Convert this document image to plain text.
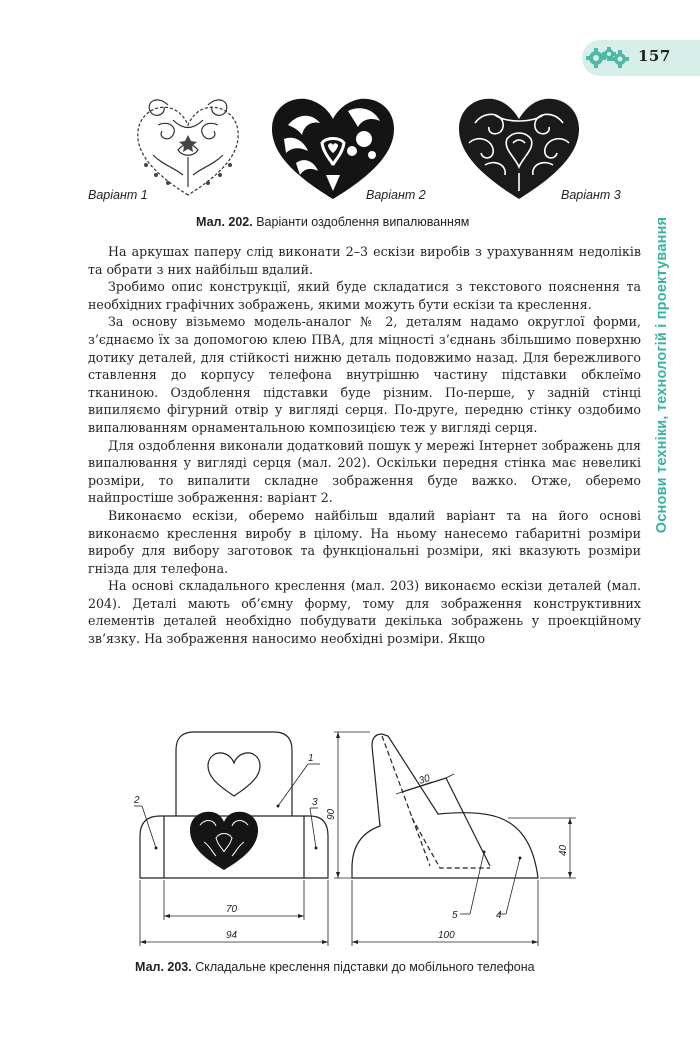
157
Основи техніки, технологій і проектування
Варіант 1	Варіант 2	Варіант 3
Мал. 202. Варіанти оздоблення випалюванням

На аркушах паперу слід виконати 2–3 ескізи виробів з урахуванням недоліків та обрати з них найбільш вдалий.

Зробимо опис конструкції, який буде складатися з текстового пояснення та необхідних графічних зображень, якими можуть бути ескізи та креслення.

За основу візьмемо модель-аналог № 2, деталям надамо округлої форми, з’єднаємо їх за допомогою клею ПВА, для міцності з’єднань збільшимо поверхню дотику деталей, для стійкості нижню деталь подовжимо назад. Для бережливого ставлення до корпусу телефона внутрішню частину підставки обклеїмо тканиною. Оздоблення підставки буде різним. По-перше, у задній стінці випиляємо фігурний отвір у вигляді серця. По-друге, передню стінку оздобимо випалюванням орнаментальною композицією теж у вигляді серця.

Для оздоблення виконали додатковий пошук у мережі Інтернет зображень для випалювання у вигляді серця (мал. 202). Оскільки передня стінка має невеликі розміри, то випалити складне зображення буде важко. Отже, оберемо найпростіше зображення: варіант 2.

Виконаємо ескізи, оберемо найбільш вдалий варіант та на його основі виконаємо креслення виробу в цілому. На ньому нанесемо габаритні розміри виробу для вибору заготовок та функціональні розміри, які вказують розміри гнізда для телефона.

На основі складального креслення (мал. 203) виконаємо ескізи деталей (мал. 204). Деталі мають об’ємну форму, тому для зображення конструктивних елементів деталей необхідно побудувати декілька зображень у проекційному зв’язку. На зображення наносимо необхідні розміри. Якщо

1
2	3
4
5
70
94
90
30
40
100
Мал. 203. Складальне креслення підставки до мобільного телефона
